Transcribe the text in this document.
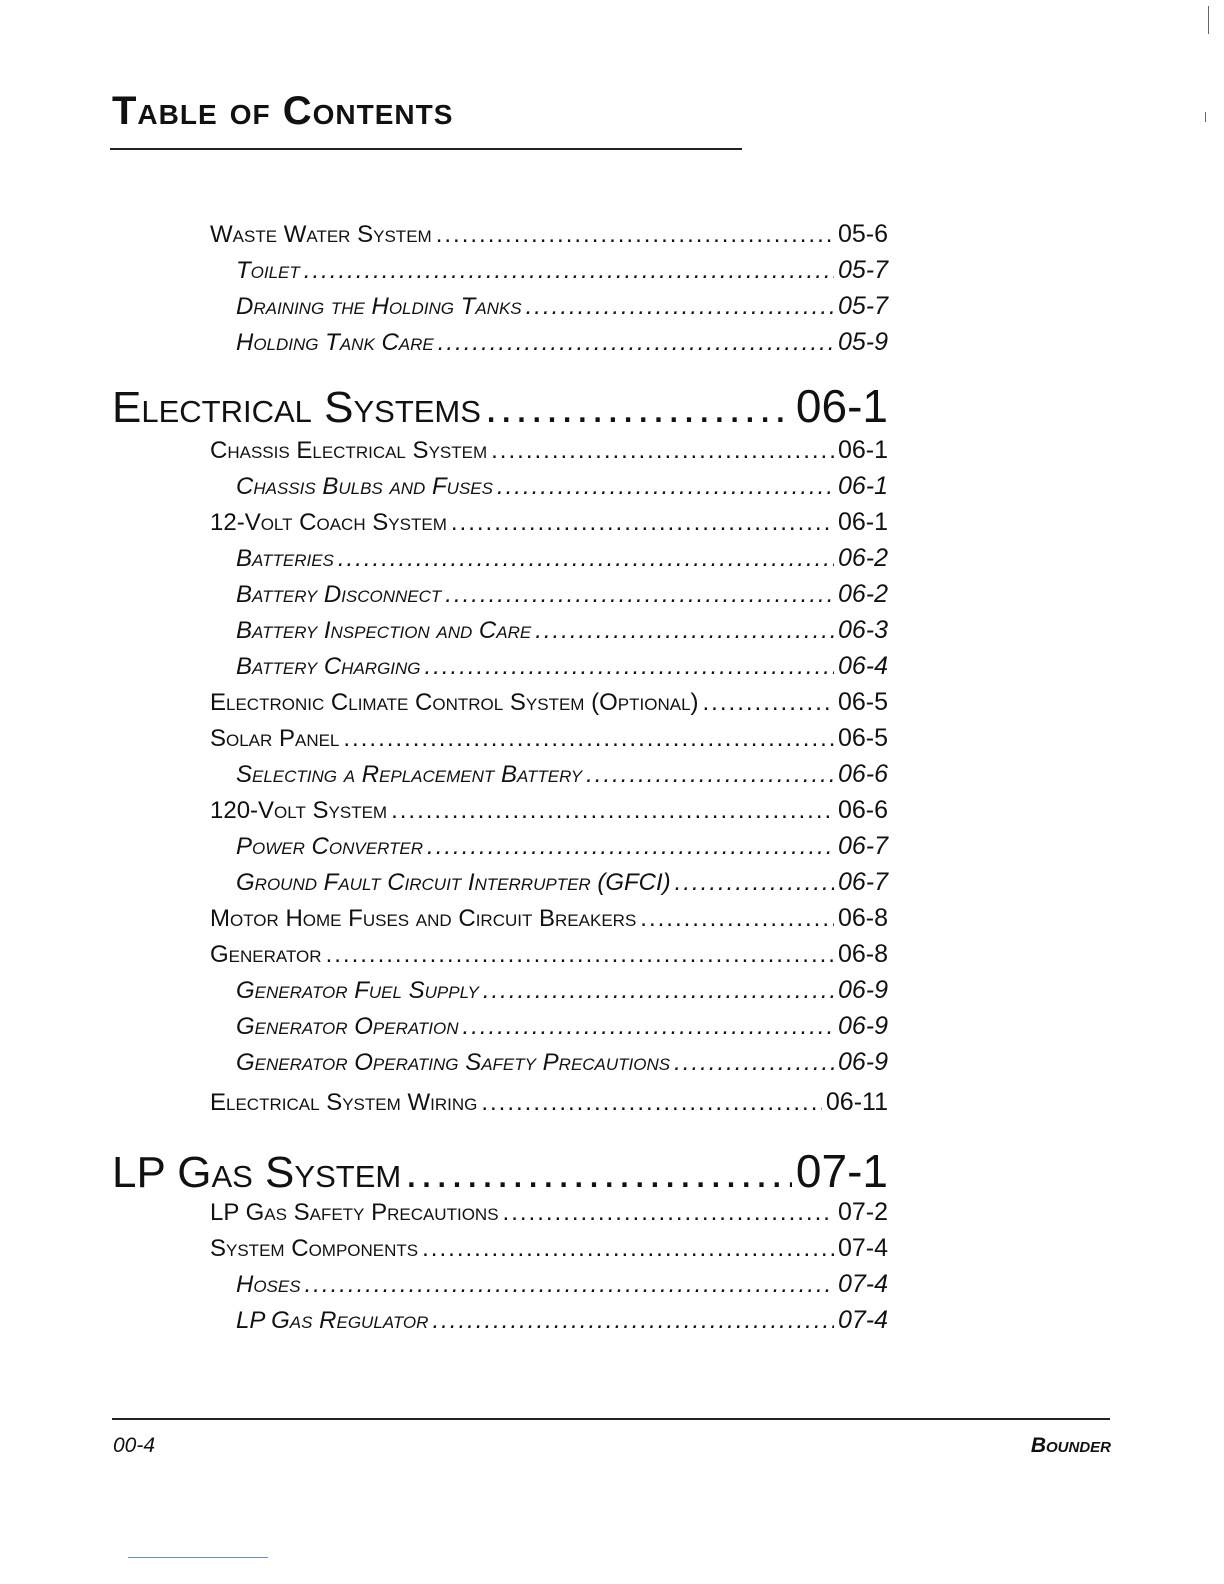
Table of Contents
Waste Water System .....	05-6
Toilet .....	05-7
Draining the Holding Tanks .....	05-7
Holding Tank Care .....	05-9
Electrical Systems .....	06-1
Chassis Electrical System .....	06-1
Chassis Bulbs and Fuses .....	06-1
12-Volt Coach System .....	06-1
Batteries .....	06-2
Battery Disconnect .....	06-2
Battery Inspection and Care .....	06-3
Battery Charging .....	06-4
Electronic Climate Control System (Optional) .....	06-5
Solar Panel .....	06-5
Selecting a Replacement Battery .....	06-6
120-Volt System .....	06-6
Power Converter .....	06-7
Ground Fault Circuit Interrupter (GFCI) .....	06-7
Motor Home Fuses and Circuit Breakers .....	06-8
Generator .....	06-8
Generator Fuel Supply .....	06-9
Generator Operation .....	06-9
Generator Operating Safety Precautions .....	06-9
Electrical System Wiring .....	06-11
LP Gas System .....	07-1
LP Gas Safety Precautions .....	07-2
System Components .....	07-4
Hoses .....	07-4
LP Gas Regulator .....	07-4
00-4	Bounder
